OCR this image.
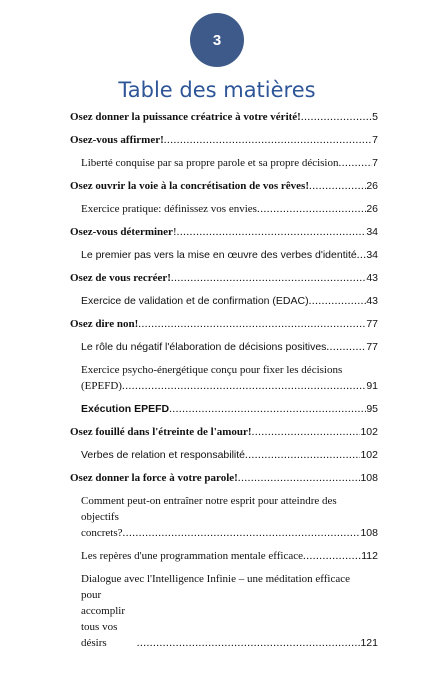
3
Table des matières
Osez donner la puissance créatrice à votre vérité! .....	5
Osez-vous affirmer! .....	7
Liberté conquise par sa propre parole et sa propre décision .....	7
Osez ouvrir la voie à la concrétisation de vos rêves! .....	26
Exercice pratique: définissez vos envies .....	26
Osez-vous déterminer! .....	34
Le premier pas vers la mise en œuvre des verbes d'identité ..... 34
Osez de vous recréer! .....	43
Exercice de validation et de confirmation (EDAC) .....	43
Osez dire non! .....	77
Le rôle du négatif l'élaboration de décisions positives .....	77
Exercice psycho-énergétique conçu pour fixer les décisions
(EPEFD) .....	91
Exécution EPEFD .....	95
Osez fouillé dans l'étreinte de l'amour! .....	102
Verbes de relation et responsabilité .....	102
Osez donner la force à votre parole! .....	108
Comment peut-on entraîner notre esprit pour atteindre des
objectifs concrets? .....	108
Les repères d'une programmation mentale efficace .....	112
Dialogue avec l'Intelligence Infinie – une méditation efficace
pour accomplir tous vos désirs .....	121
